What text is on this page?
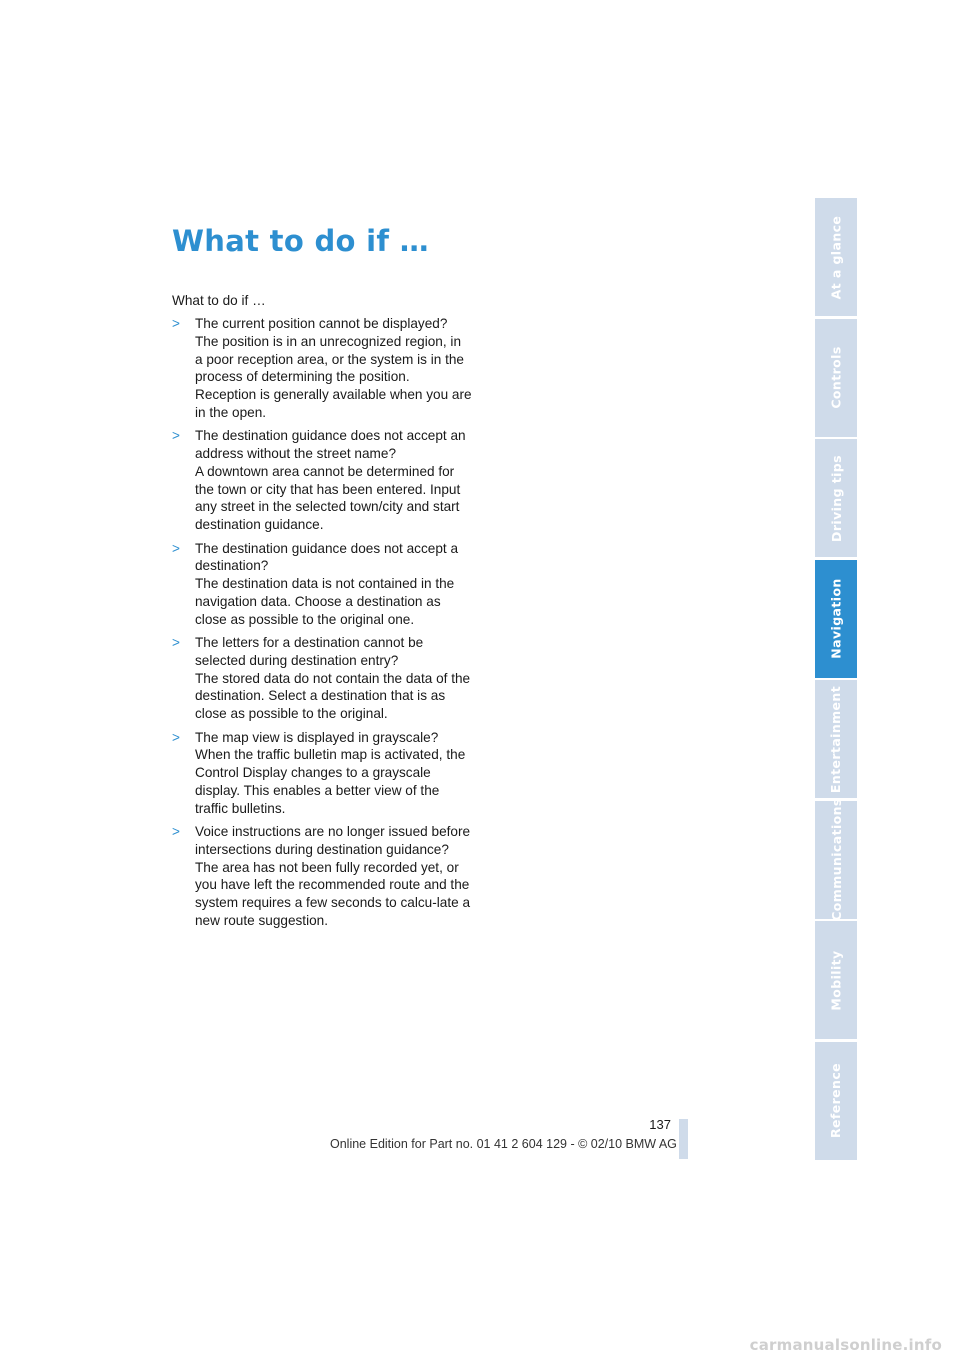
What to do if …

What to do if …

> The current position cannot be displayed?

The position is in an unrecognized region, in a poor reception area, or the system is in the process of determining the position. Reception is generally available when you are in the open.

> The destination guidance does not accept an address without the street name?

A downtown area cannot be determined for the town or city that has been entered. Input any street in the selected town/city and start destination guidance.

> The destination guidance does not accept a destination?

The destination data is not contained in the navigation data. Choose a destination as close as possible to the original one.

> The letters for a destination cannot be selected during destination entry?

The stored data do not contain the data of the destination. Select a destination that is as close as possible to the original.

> The map view is displayed in grayscale?

When the traffic bulletin map is activated, the Control Display changes to a grayscale display. This enables a better view of the traffic bulletins.

> Voice instructions are no longer issued before intersections during destination guidance?

The area has not been fully recorded yet, or you have left the recommended route and the system requires a few seconds to calcu-late a new route suggestion.

At a glance
Controls
Driving tips
Navigation
Entertainment
Communications
Mobility
Reference
137
Online Edition for Part no. 01 41 2 604 129 - © 02/10 BMW AG
carmanualsonline.info
